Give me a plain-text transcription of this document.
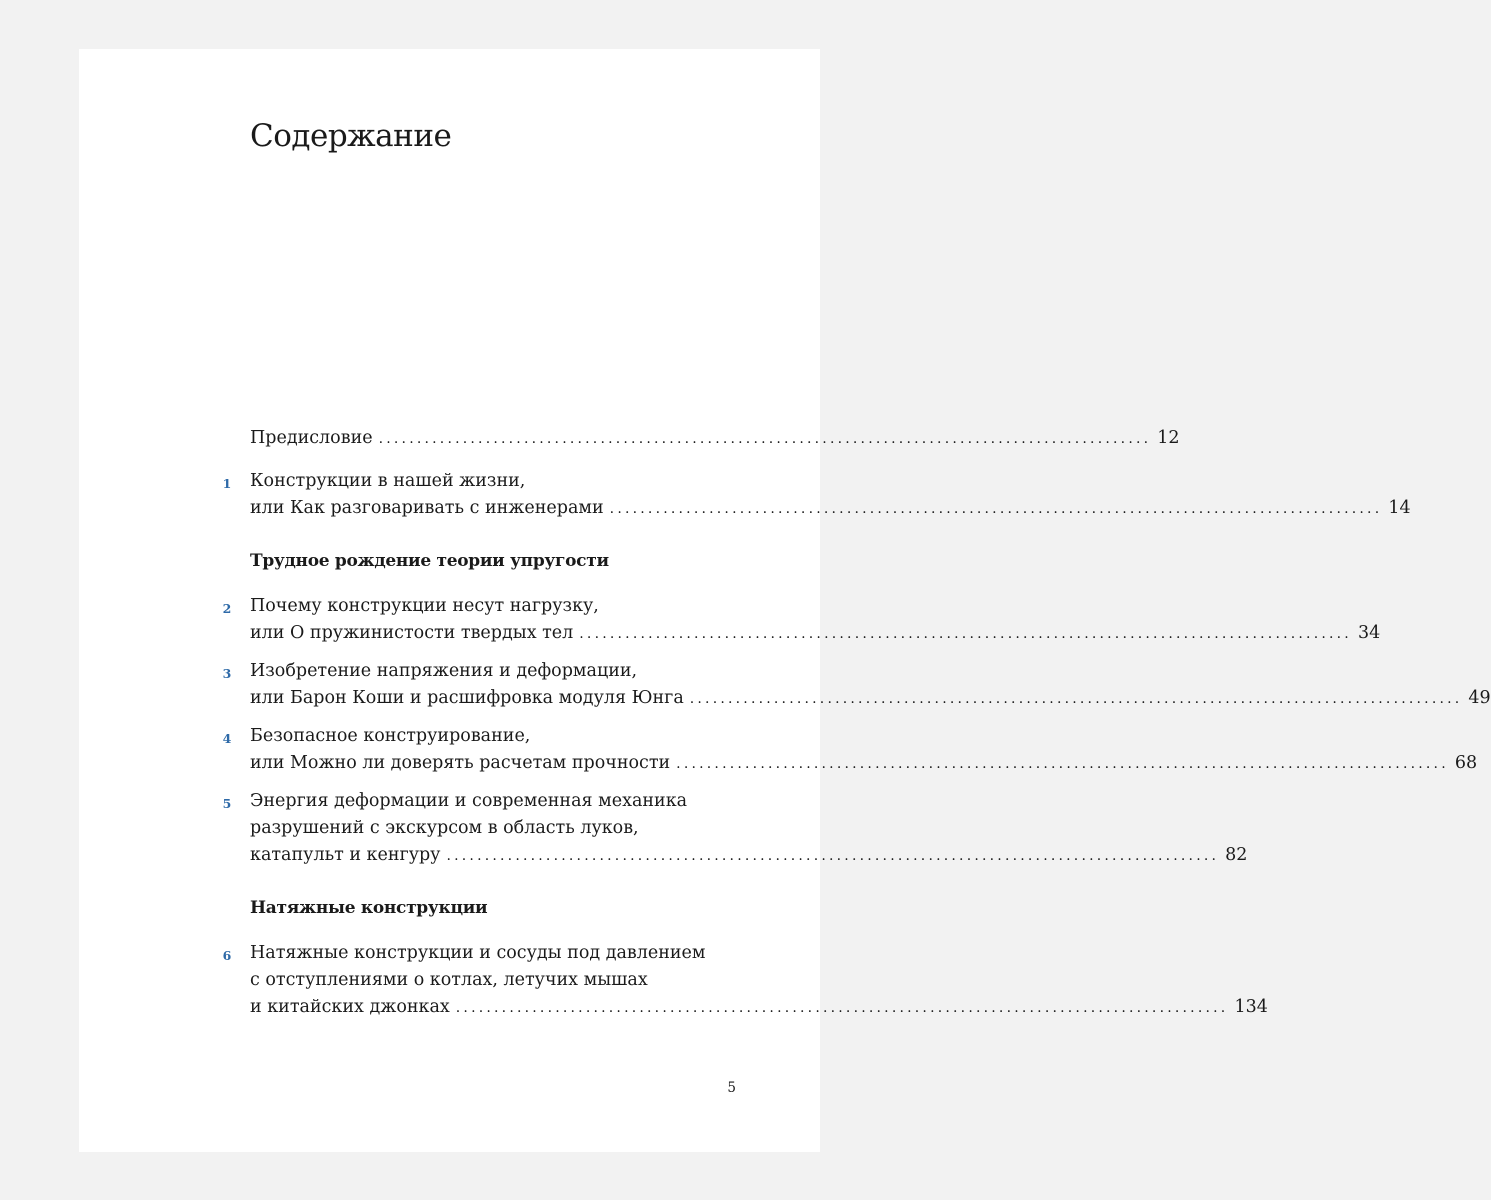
Содержание
Предисловие ..................................................................................................... 12
1 Конструкции в нашей жизни,
или Как разговаривать с инженерами ..................................................................................................... 14
Трудное рождение теории упругости
2 Почему конструкции несут нагрузку,
или О пружинистости твердых тел ..................................................................................................... 34
3 Изобретение напряжения и деформации,
или Барон Коши и расшифровка модуля Юнга ..................................................................................................... 49
4 Безопасное конструирование,
или Можно ли доверять расчетам прочности ..................................................................................................... 68
5 Энергия деформации и современная механика
разрушений с экскурсом в область луков,
катапульт и кенгуру ..................................................................................................... 82
Натяжные конструкции
6 Натяжные конструкции и сосуды под давлением
с отступлениями о котлах, летучих мышах
и китайских джонках ..................................................................................................... 134
5
